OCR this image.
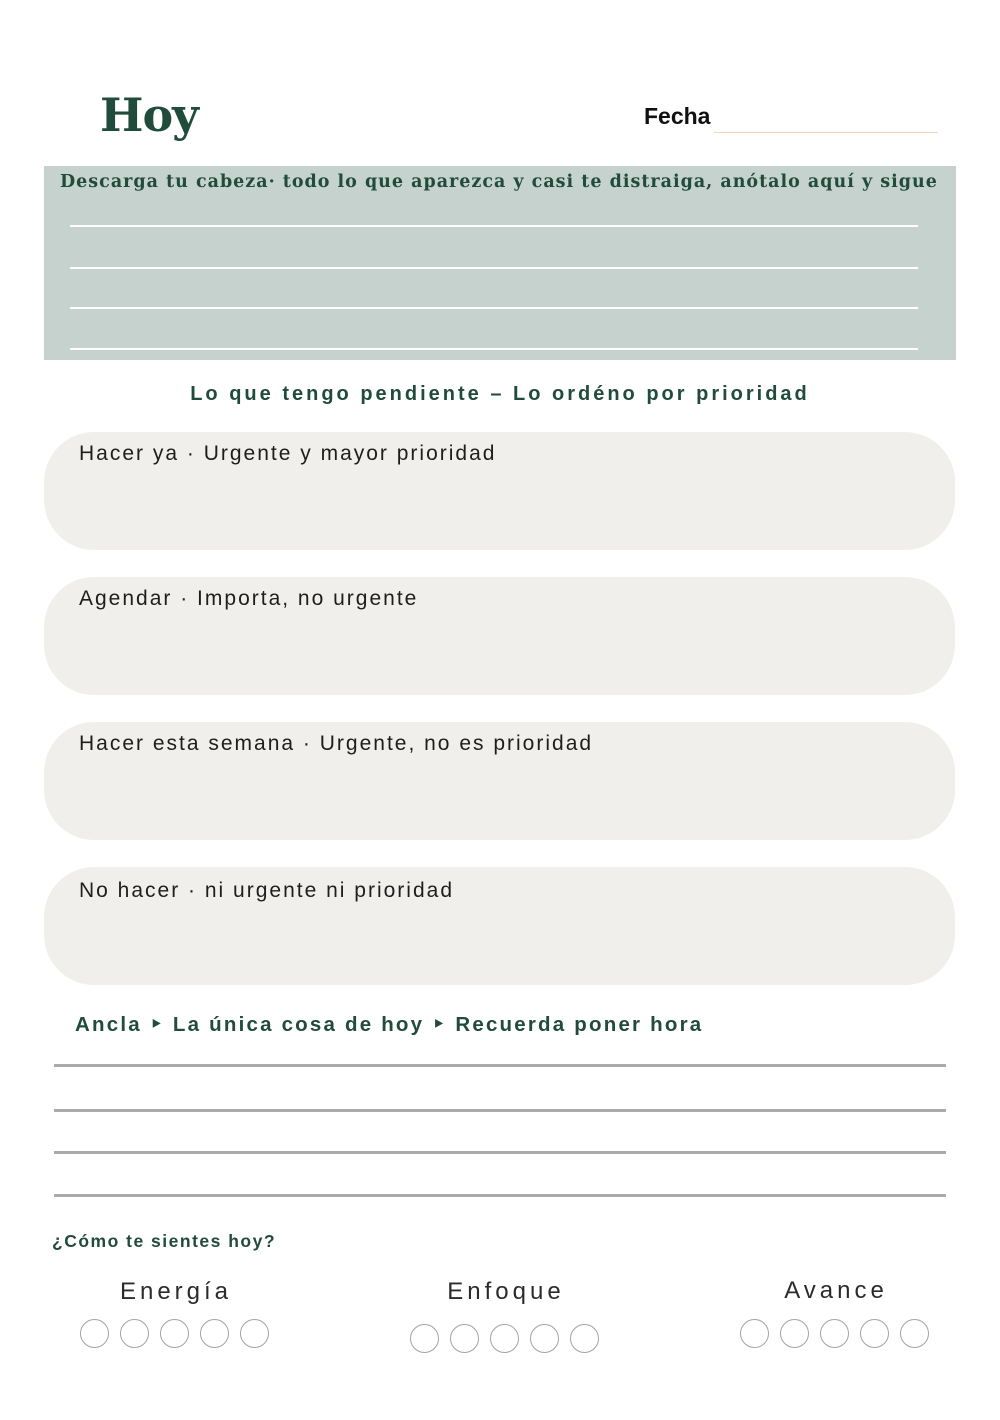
Hoy	Fecha
Descarga tu cabeza· todo lo que aparezca y casi te distraiga, anótalo aquí y sigue
Lo que tengo pendiente – Lo ordéno por prioridad
Hacer ya · Urgente y mayor prioridad
Agendar · Importa, no urgente
Hacer esta semana · Urgente, no es prioridad
No hacer · ni urgente ni prioridad
Ancla ‣ La única cosa de hoy ‣ Recuerda poner hora
¿Cómo te sientes hoy?
Energía	Enfoque	Avance
